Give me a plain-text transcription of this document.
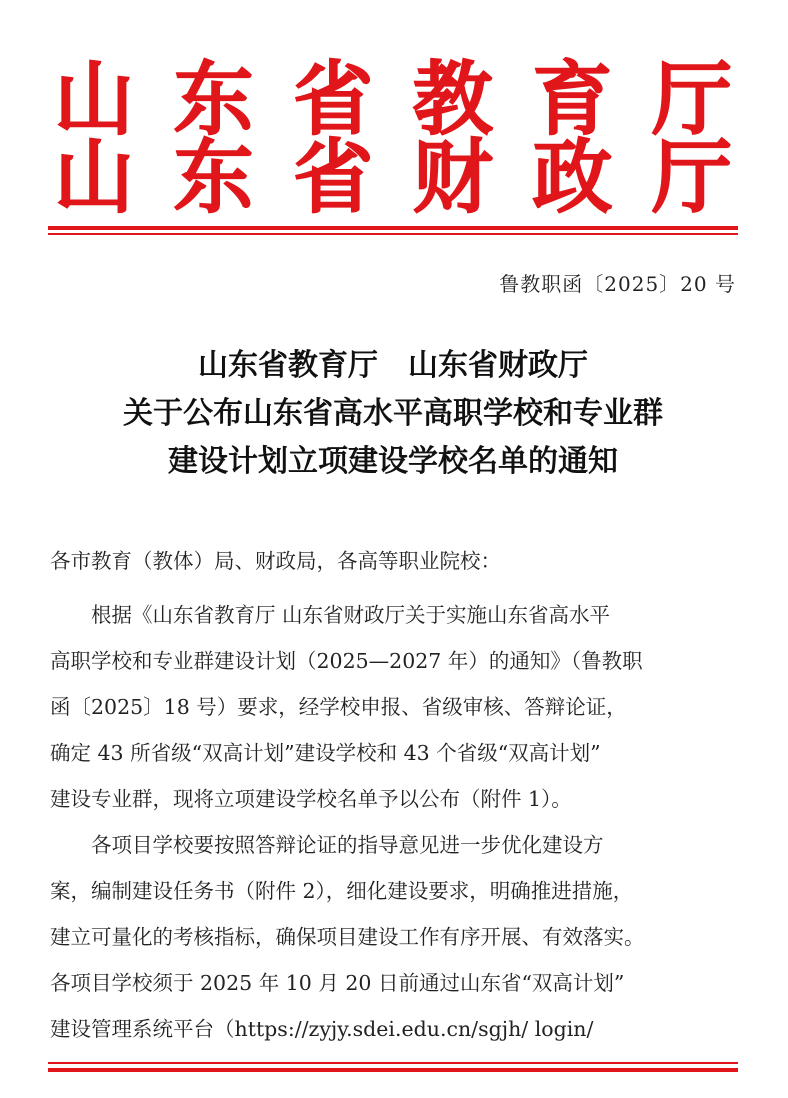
山 东 省 教 育 厅
山 东 省 财 政 厅
鲁教职函〔2025〕20 号
山东省教育厅　山东省财政厅
关于公布山东省高水平高职学校和专业群
建设计划立项建设学校名单的通知
各市教育（教体）局、财政局，各高等职业院校：
　　根据《山东省教育厅 山东省财政厅关于实施山东省高水平
高职学校和专业群建设计划（2025—2027 年）的通知》（鲁教职
函〔2025〕18 号）要求，经学校申报、省级审核、答辩论证，
确定 43 所省级“双高计划”建设学校和 43 个省级“双高计划”
建设专业群，现将立项建设学校名单予以公布（附件 1）。
　　各项目学校要按照答辩论证的指导意见进一步优化建设方
案，编制建设任务书（附件 2），细化建设要求，明确推进措施，
建立可量化的考核指标，确保项目建设工作有序开展、有效落实。
各项目学校须于 2025 年 10 月 20 日前通过山东省“双高计划”
建设管理系统平台（https://zyjy.sdei.edu.cn/sgjh/ login/
